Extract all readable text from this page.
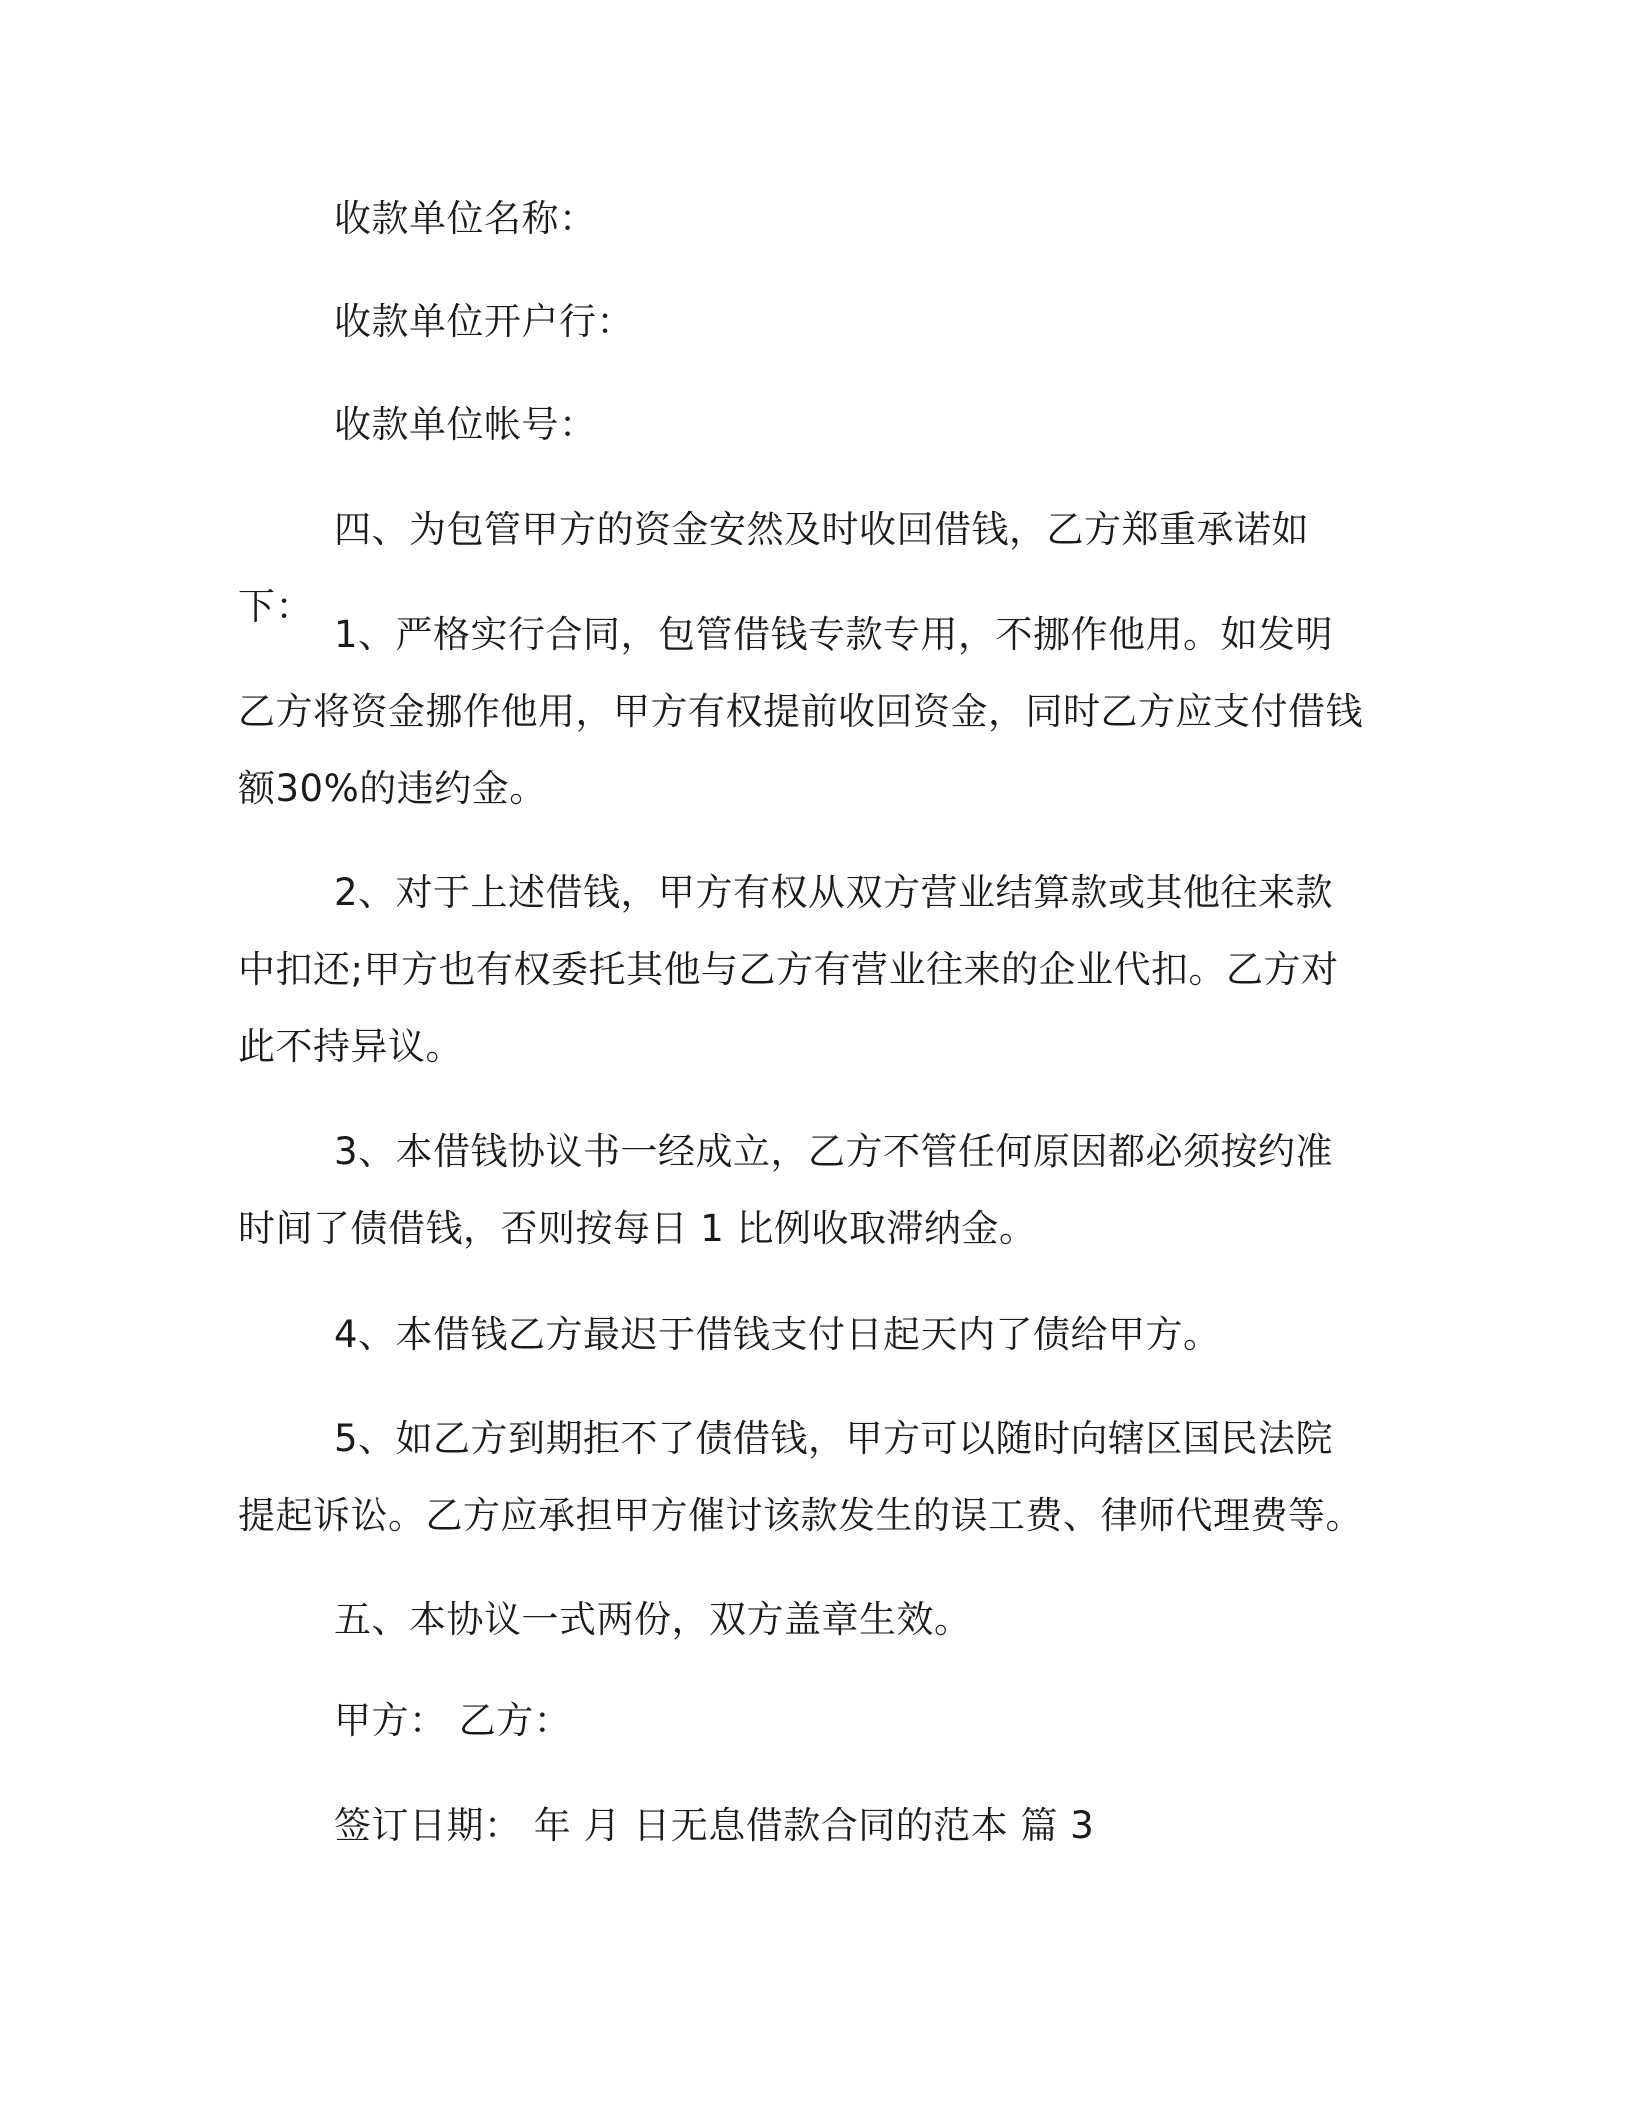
收款单位名称：

收款单位开户行：

收款单位帐号：

四、为包管甲方的资金安然及时收回借钱，乙方郑重承诺如下：

1、严格实行合同，包管借钱专款专用，不挪作他用。如发明乙方将资金挪作他用，甲方有权提前收回资金，同时乙方应支付借钱额30%的违约金。

2、对于上述借钱，甲方有权从双方营业结算款或其他往来款中扣还;甲方也有权委托其他与乙方有营业往来的企业代扣。乙方对此不持异议。

3、本借钱协议书一经成立，乙方不管任何原因都必须按约准时间了债借钱，否则按每日 1 比例收取滞纳金。

4、本借钱乙方最迟于借钱支付日起天内了债给甲方。

5、如乙方到期拒不了债借钱，甲方可以随时向辖区国民法院提起诉讼。乙方应承担甲方催讨该款发生的误工费、律师代理费等。

五、本协议一式两份，双方盖章生效。

甲方： 乙方：

签订日期： 年 月 日无息借款合同的范本 篇 3
